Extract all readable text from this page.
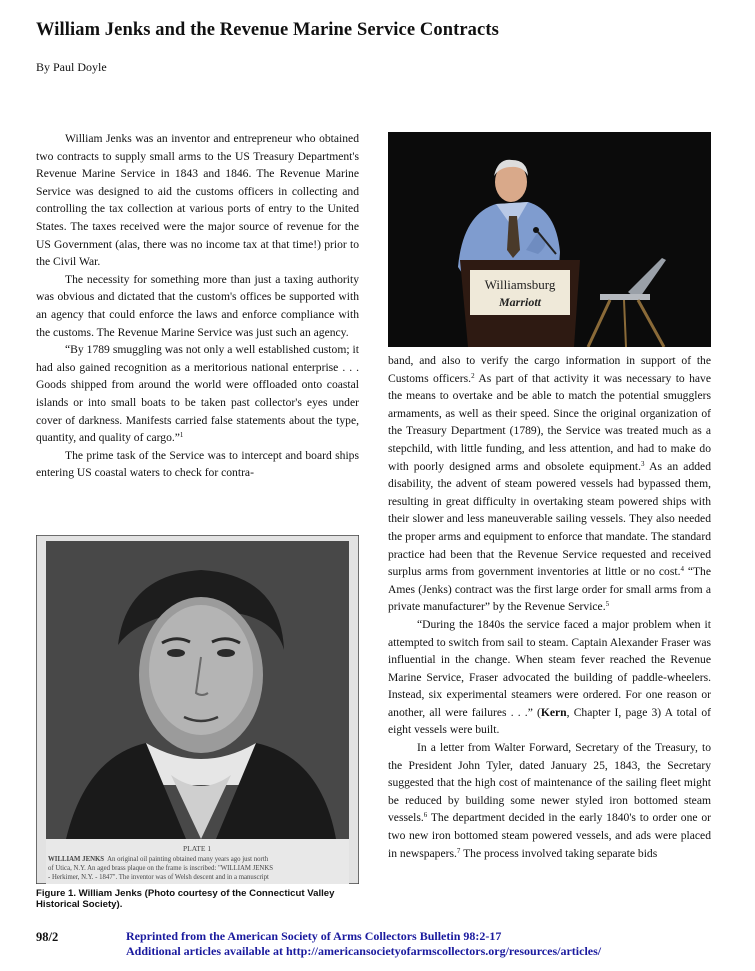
William Jenks and the Revenue Marine Service Contracts
By Paul Doyle

William Jenks was an inventor and entrepreneur who obtained two contracts to supply small arms to the US Treasury Department's Revenue Marine Service in 1843 and 1846. The Revenue Marine Service was designed to aid the customs officers in collecting and controlling the tax collection at various ports of entry to the United States. The taxes received were the major source of revenue for the US Government (alas, there was no income tax at that time!) prior to the Civil War.

The necessity for something more than just a taxing authority was obvious and dictated that the custom's offices be supported with an agency that could enforce the laws and enforce compliance with the customs. The Revenue Marine Service was just such an agency.

“By 1789 smuggling was not only a well established custom; it had also gained recognition as a meritorious national enterprise . . . Goods shipped from around the world were offloaded onto coastal islands or into small boats to be taken past collector's eyes under cover of darkness. Manifests carried false statements about the type, quantity, and quality of cargo.”$^1$

The prime task of the Service was to intercept and board ships entering US coastal waters to check for contra-

Williamsburg
Marriott

band, and also to verify the cargo information in support of the Customs officers.$^2$ As part of that activity it was necessary to have the means to overtake and be able to match the potential smugglers armaments, as well as their speed. Since the original organization of the Treasury Department (1789), the Service was treated much as a stepchild, with little funding, and less attention, and had to make do with poorly designed arms and obsolete equipment.$^3$ As an added disability, the advent of steam powered vessels had bypassed them, resulting in great difficulty in overtaking steam powered ships with their slower and less maneuverable sailing vessels. They also needed the proper arms and equipment to enforce that mandate. The standard practice had been that the Revenue Service requested and received surplus arms from government inventories at little or no cost.$^4$ “The Ames (Jenks) contract was the first large order for small arms from a private manufacturer” by the Revenue Service.$^5$

“During the 1840s the service faced a major problem when it attempted to switch from sail to steam. Captain Alexander Fraser was influential in the change. When steam fever reached the Revenue Marine Service, Fraser advocated the building of paddle-wheelers. Instead, six experimental steamers were ordered. For one reason or another, all were failures . . .” (Kern, Chapter I, page 3) A total of eight vessels were built.

In a letter from Walter Forward, Secretary of the Treasury, to the President John Tyler, dated January 25, 1843, the Secretary suggested that the high cost of maintenance of the sailing fleet might be reduced by building some newer styled iron bottomed steam vessels.$^6$ The department decided in the early 1840's to order one or two new iron bottomed steam powered vessels, and ads were placed in newspapers.$^7$ The process involved taking separate bids

PLATE 1
WILLIAM JENKS An original oil painting obtained many years ago just north
of Utica, N.Y. An aged brass plaque on the frame is inscribed: "WILLIAM JENKS
- Herkimer, N.Y. - 1847". The inventor was of Welsh descent and in a manuscript
Figure 1. William Jenks (Photo courtesy of the Connecticut Valley Historical Society).
98/2	Reprinted from the American Society of Arms Collectors Bulletin 98:2-17
Additional articles available at http://americansocietyofarmscollectors.org/resources/articles/
